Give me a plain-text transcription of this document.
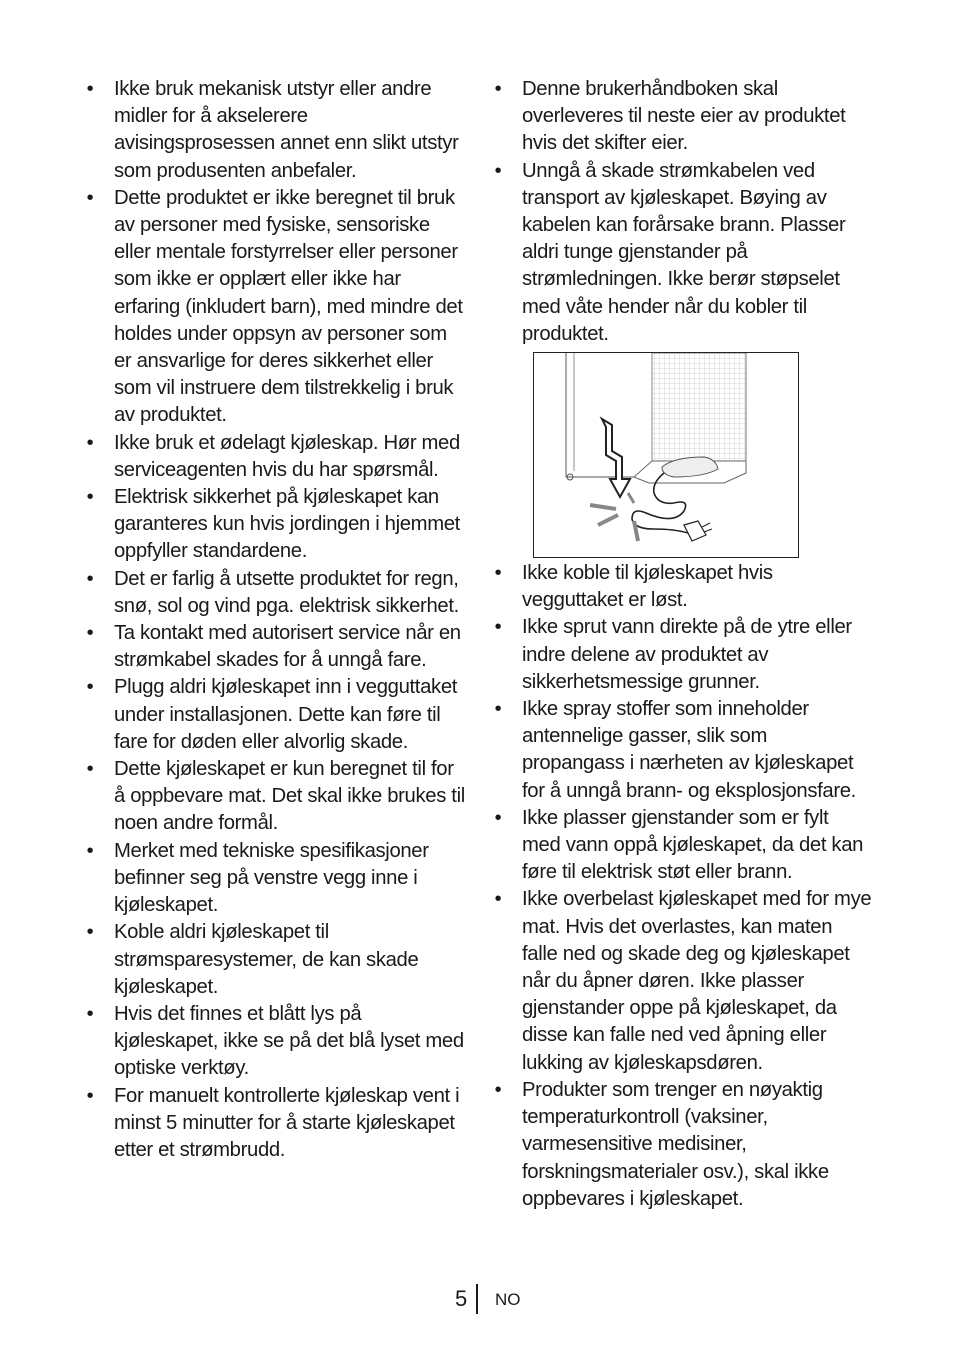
• Ikke bruk mekanisk utstyr eller andre midler for å akselerere avisingsprosessen annet enn slikt utstyr som produsenten anbefaler.
• Dette produktet er ikke beregnet til bruk av personer med fysiske, sensoriske eller mentale forstyrrelser eller personer som ikke er opplært eller ikke har erfaring (inkludert barn), med mindre det holdes under oppsyn av personer som er ansvarlige for deres sikkerhet eller som vil instruere dem tilstrekkelig i bruk av produktet.
• Ikke bruk et ødelagt kjøleskap. Hør med serviceagenten hvis du har spørsmål.
• Elektrisk sikkerhet på kjøleskapet kan garanteres kun hvis jordingen i hjemmet oppfyller standardene.
• Det er farlig å utsette produktet for regn, snø, sol og vind pga. elektrisk sikkerhet.
• Ta kontakt med autorisert service når en strømkabel skades for å unngå fare.
• Plugg aldri kjøleskapet inn i vegguttaket under installasjonen. Dette kan føre til fare for døden eller alvorlig skade.
• Dette kjøleskapet er kun beregnet til for å oppbevare mat. Det skal ikke brukes til noen andre formål.
• Merket med tekniske spesifikasjoner befinner seg på venstre vegg inne i kjøleskapet.
• Koble aldri kjøleskapet til strømsparesystemer, de kan skade kjøleskapet.
• Hvis det finnes et blått lys på kjøleskapet, ikke se på det blå lyset med optiske verktøy.
• For manuelt kontrollerte kjøleskap vent i minst 5 minutter for å starte kjøleskapet etter et strømbrudd.
• Denne brukerhåndboken skal overleveres til neste eier av produktet hvis det skifter eier.
• Unngå å skade strømkabelen ved transport av kjøleskapet. Bøying av kabelen kan forårsake brann. Plasser aldri tunge gjenstander på strømledningen. Ikke berør støpselet med våte hender når du kobler til produktet.
• Ikke koble til kjøleskapet hvis vegguttaket er løst.
• Ikke sprut vann direkte på de ytre eller indre delene av produktet av sikkerhetsmessige grunner.
• Ikke spray stoffer som inneholder antennelige gasser, slik som propangass i nærheten av kjøleskapet for å unngå brann- og eksplosjonsfare.
• Ikke plasser gjenstander som er fylt med vann oppå kjøleskapet, da det kan føre til elektrisk støt eller brann.
• Ikke overbelast kjøleskapet med for mye mat. Hvis det overlastes, kan maten falle ned og skade deg og kjøleskapet når du åpner døren. Ikke plasser gjenstander oppe på kjøleskapet, da disse kan falle ned ved åpning eller lukking av kjøleskapsdøren.
• Produkter som trenger en nøyaktig temperaturkontroll (vaksiner, varmesensitive medisiner, forskningsmaterialer osv.), skal ikke oppbevares i kjøleskapet.
5 NO
